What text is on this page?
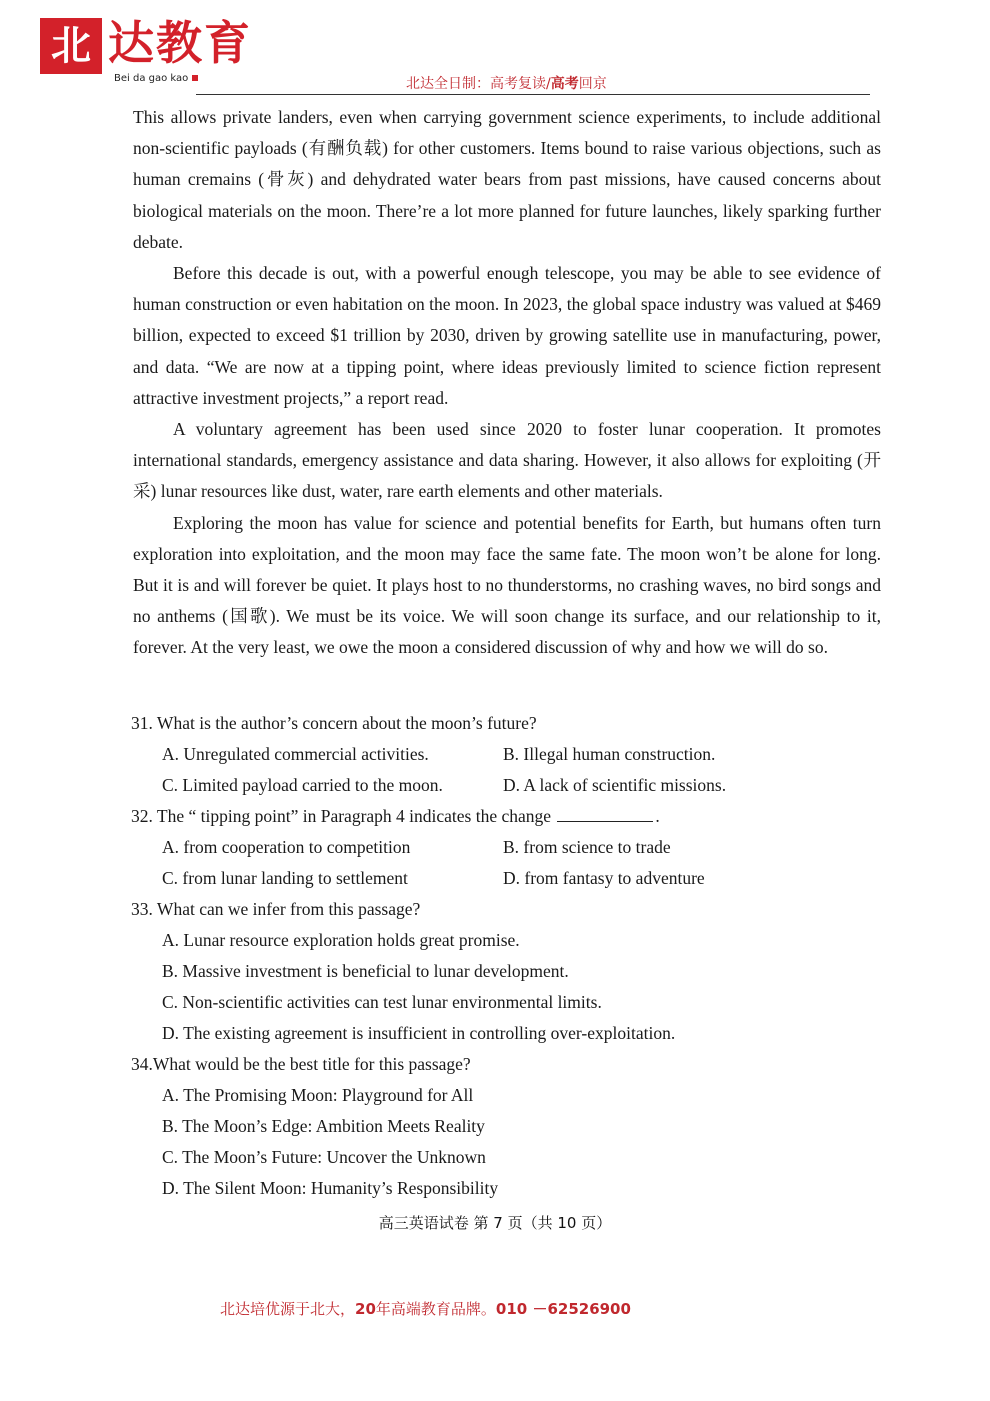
北 达教育
Bei da gao kao	北达全日制：高考复读/高考回京

This allows private landers, even when carrying government science experiments, to include additional non-scientific payloads (有酬负载) for other customers. Items bound to raise various objections, such as human cremains (骨灰) and dehydrated water bears from past missions, have caused concerns about biological materials on the moon. There’re a lot more planned for future launches, likely sparking further debate.

Before this decade is out, with a powerful enough telescope, you may be able to see evidence of human construction or even habitation on the moon. In 2023, the global space industry was valued at $469 billion, expected to exceed $1 trillion by 2030, driven by growing satellite use in manufacturing, power, and data. “We are now at a tipping point, where ideas previously limited to science fiction represent attractive investment projects,” a report read.

A voluntary agreement has been used since 2020 to foster lunar cooperation. It promotes international standards, emergency assistance and data sharing. However, it also allows for exploiting (开采) lunar resources like dust, water, rare earth elements and other materials.

Exploring the moon has value for science and potential benefits for Earth, but humans often turn exploration into exploitation, and the moon may face the same fate. The moon won’t be alone for long. But it is and will forever be quiet. It plays host to no thunderstorms, no crashing waves, no bird songs and no anthems (国歌). We must be its voice. We will soon change its surface, and our relationship to it, forever. At the very least, we owe the moon a considered discussion of why and how we will do so.

31. What is the author’s concern about the moon’s future?
A. Unregulated commercial activities.	B. Illegal human construction.
C. Limited payload carried to the moon.	D. A lack of scientific missions.
32. The “ tipping point” in Paragraph 4 indicates the change	.
A. from cooperation to competition	B. from science to trade
C. from lunar landing to settlement	D. from fantasy to adventure
33. What can we infer from this passage?
A. Lunar resource exploration holds great promise.
B. Massive investment is beneficial to lunar development.
C. Non-scientific activities can test lunar environmental limits.
D. The existing agreement is insufficient in controlling over-exploitation.
34.What would be the best title for this passage?
A. The Promising Moon: Playground for All
B. The Moon’s Edge: Ambition Meets Reality
C. The Moon’s Future: Uncover the Unknown
D. The Silent Moon: Humanity’s Responsibility
高三英语试卷 第 7 页（共 10 页）
北达培优源于北大，20年高端教育品牌。010 －62526900
